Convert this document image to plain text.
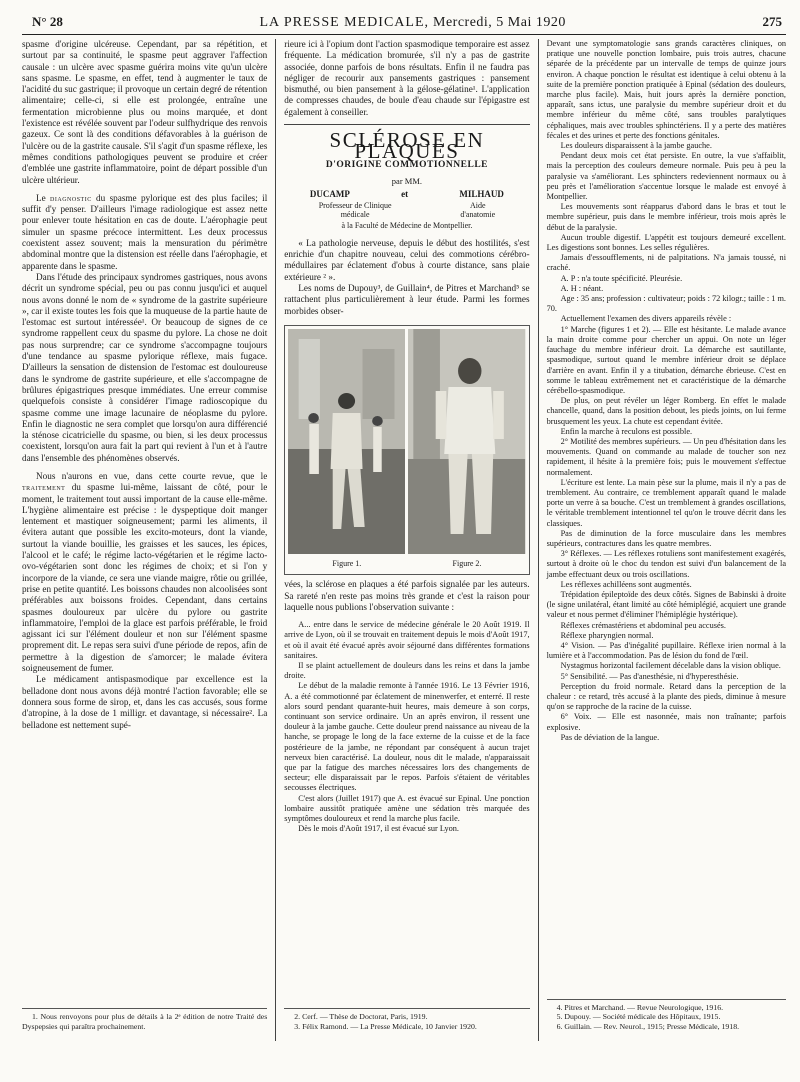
N° 28	LA PRESSE MEDICALE, Mercredi, 5 Mai 1920	275

spasme d'origine ulcéreuse. Cependant, par sa répétition, et surtout par sa continuité, le spasme peut aggraver l'affection causale : un ulcère avec spasme guérira moins vite qu'un ulcère sans spasme. Le spasme, en effet, tend à augmenter le taux de l'acidité du suc gastrique; il provoque un certain degré de rétention alimentaire; celle-ci, si elle est prolongée, entraîne une fermentation microbienne plus ou moins marquée, et dont l'existence est révélée souvent par l'odeur sulfhydrique des renvois gazeux. Ce sont là des conditions défavorables à la guérison de l'ulcère ou de la gastrite causale. S'il s'agit d'un spasme réflexe, les mêmes conditions pathologiques peuvent se produire et créer d'emblée une gastrite inflammatoire, point de départ possible d'un ulcère ultérieur.

Le diagnostic du spasme pylorique est des plus faciles; il suffit d'y penser. D'ailleurs l'image radiologique est assez nette pour enlever toute hésitation en cas de doute. L'aérophagie peut simuler un spasme précoce intermittent. Les deux processus coexistent assez souvent; mais la mensuration du périmètre abdominal montre que la distension est réelle dans l'aérophagie, et apparente dans le spasme.

Dans l'étude des principaux syndromes gastriques, nous avons décrit un syndrome spécial, peu ou pas connu jusqu'ici et auquel nous avons donné le nom de « syndrome de la gastrite supérieure », car il existe toutes les fois que la muqueuse de la partie haute de l'estomac est surtout intéressée¹. Or beaucoup de signes de ce syndrome rappellent ceux du spasme du pylore. La chose ne doit pas nous surprendre; car ce syndrome s'accompagne toujours d'une tendance au spasme pylorique réflexe, mais fugace. D'ailleurs la sensation de distension de l'estomac est douloureuse dans le syndrome de gastrite supérieure, et elle s'accompagne de brûlures épigastriques presque immédiates. Une erreur commise quelquefois consiste à considérer l'image radioscopique du spasme comme une image lacunaire de néoplasme du pylore. Enfin le diagnostic ne sera complet que lorsqu'on aura différencié la sténose cicatricielle du spasme, ou bien, si les deux processus coexistent, lorsqu'on aura fait la part qui revient à l'un et à l'autre dans l'ensemble des phénomènes observés.

Nous n'aurons en vue, dans cette courte revue, que le traitement du spasme lui-même, laissant de côté, pour le moment, le traitement tout aussi important de la cause elle-même. L'hygiène alimentaire est précise : le dyspeptique doit manger lentement et mastiquer soigneusement; parmi les aliments, il évitera autant que possible les excito-moteurs, dont la viande, surtout la viande bouillie, les graisses et les sauces, les épices, l'alcool et le café; le régime lacto-végétarien et le régime lacto-ovo-végétarien sont donc les régimes de choix; et si l'on y incorpore de la viande, ce sera une viande maigre, rôtie ou grillée, prise en petite quantité. Les boissons chaudes non alcoolisées sont préférables aux boissons froides. Cependant, dans certains spasmes douloureux par ulcère du pylore ou gastrite inflammatoire, l'emploi de la glace est parfois préférable, le froid agissant ici sur l'élément douleur et non sur l'élément spasme proprement dit. Le repas sera suivi d'une période de repos, afin de permettre à la digestion de s'amorcer; le malade évitera soigneusement de fumer.

Le médicament antispasmodique par excellence est la belladone dont nous avons déjà montré l'action favorable; elle se donnera sous forme de sirop, et, dans les cas accusés, sous forme d'atropine, à la dose de 1 milligr. et davantage, si nécessaire². La belladone est nettement supé-

1. Nous renvoyons pour plus de détails à la 2ᵉ édition de notre Traité des Dyspepsies qui paraîtra prochainement.

rieure ici à l'opium dont l'action spasmodique temporaire est assez fréquente. La médication bromurée, s'il n'y a pas de gastrite associée, donne parfois de bons résultats. Enfin il ne faudra pas négliger de recourir aux pansements gastriques : pansement bismuthé, ou bien pansement à la gélose-gélatine¹. L'application de compresses chaudes, de boule d'eau chaude sur l'épigastre est également à conseiller.

SCLÉROSE EN PLAQUES
D'ORIGINE COMMOTIONNELLE
par MM.
DUCAMP	et	MILHAUD
Professeur de Clinique
médicale
Aide
d'anatomie
à la Faculté de Médecine de Montpellier.

« La pathologie nerveuse, depuis le début des hostilités, s'est enrichie d'un chapitre nouveau, celui des commotions cérébro-médullaires par éclatement d'obus à courte distance, sans plaie extérieure ² ».

Les noms de Dupouy³, de Guillain⁴, de Pitres et Marchand⁵ se rattachent plus particulièrement à leur étude. Parmi les formes morbides obser-

Figure 1.	Figure 2.

vées, la sclérose en plaques a été parfois signalée par les auteurs. Sa rareté n'en reste pas moins très grande et c'est la raison pour laquelle nous publions l'observation suivante :

A... entre dans le service de médecine générale le 20 Août 1919. Il arrive de Lyon, où il se trouvait en traitement depuis le mois d'Août 1917, et où il avait été évacué après avoir séjourné dans différentes formations sanitaires.

Il se plaint actuellement de douleurs dans les reins et dans la jambe droite.

Le début de la maladie remonte à l'année 1916. Le 13 Février 1916, A. a été commotionné par éclatement de minenwerfer, et enterré. Il reste alors sourd pendant quarante-huit heures, mais demeure à son corps, continuant son service ordinaire. Un an après environ, il ressent une douleur à la jambe gauche. Cette douleur prend naissance au niveau de la hanche, se propage le long de la face externe de la cuisse et de la face postérieure de la jambe, ne répondant par conséquent à aucun trajet nerveux bien caractérisé. La douleur, nous dit le malade, n'apparaissait que par la fatigue des marches nécessaires lors des changements de secteur; elle disparaissait par le repos. Parfois s'étaient de véritables secousses électriques.

C'est alors (Juillet 1917) que A. est évacué sur Epinal. Une ponction lombaire aussitôt pratiquée amène une sédation très marquée des symptômes douloureux et rend la marche plus facile.

Dès le mois d'Août 1917, il est évacué sur Lyon.

2. Cerf. — Thèse de Doctorat, Paris, 1919.
3. Félix Ramond. — La Presse Médicale, 10 Janvier 1920.

Devant une symptomatologie sans grands caractères cliniques, on pratique une nouvelle ponction lombaire, puis trois autres, chacune séparée de la précédente par un intervalle de temps de quinze jours environ. A chaque ponction le résultat est identique à celui obtenu à la suite de la première ponction pratiquée à Epinal (sédation des douleurs, marche plus facile). Mais, huit jours après la dernière ponction, apparaît, sans ictus, une paralysie du membre supérieur droit et du membre inférieur du même côté, sans troubles paralytiques céphaliques, mais avec troubles sphinctériens. Il y a perte des matières fécales et des urines et perte des fonctions génitales.

Les douleurs disparaissent à la jambe gauche.

Pendant deux mois cet état persiste. En outre, la vue s'affaiblit, mais la perception des couleurs demeure normale. Puis peu à peu la paralysie va s'améliorant. Les sphincters redeviennent normaux ou à peu près et l'amélioration s'accentue lorsque le malade est envoyé à Montpellier.

Les mouvements sont réapparus d'abord dans le bras et tout le membre supérieur, puis dans le membre inférieur, trois mois après le début de la paralysie.

Aucun trouble digestif. L'appétit est toujours demeuré excellent. Les digestions sont bonnes. Les selles régulières.

Jamais d'essoufflements, ni de palpitations. N'a jamais toussé, ni craché.

A. P : n'a toute spécificité. Pleurésie.

A. H : néant.

Age : 35 ans; profession : cultivateur; poids : 72 kilogr.; taille : 1 m. 70.

Actuellement l'examen des divers appareils révèle :

1° Marche (figures 1 et 2). — Elle est hésitante. Le malade avance la main droite comme pour chercher un appui. On note un léger fauchage du membre inférieur droit. La démarche est sautillante, spasmodique, surtout quand le membre inférieur droit se déplace d'arrière en avant. Enfin il y a titubation, démarche ébrieuse. C'est en somme le tableau extrêmement net et caractéristique de la démarche cérébello-spasmodique.

De plus, on peut révéler un léger Romberg. En effet le malade chancelle, quand, dans la position debout, les pieds joints, on lui ferme brusquement les yeux. La chute est cependant évitée.

Enfin la marche à reculons est possible.

2° Motilité des membres supérieurs. — Un peu d'hésitation dans les mouvements. Quand on commande au malade de toucher son nez rapidement, il hésite à la première fois; puis le mouvement s'effectue normalement.

L'écriture est lente. La main pèse sur la plume, mais il n'y a pas de tremblement. Au contraire, ce tremblement apparaît quand le malade porte un verre à sa bouche. C'est un tremblement à grandes oscillations, le véritable tremblement intentionnel tel qu'on le trouve décrit dans les classiques.

Pas de diminution de la force musculaire dans les membres supérieurs, contractures dans les quatre membres.

3° Réflexes. — Les réflexes rotuliens sont manifestement exagérés, surtout à droite où le choc du tendon est suivi d'un balancement de la jambe effectuant deux ou trois oscillations.

Les réflexes achilléens sont augmentés.

Trépidation épileptoïde des deux côtés. Signes de Babinski à droite (le signe unilatéral, étant limité au côté hémiplégié, acquiert une grande valeur et nous permet d'éliminer l'hémiplégie hystérique).

Réflexes crémastériens et abdominal peu accusés.

Réflexe pharyngien normal.

4° Vision. — Pas d'inégalité pupillaire. Réflexe irien normal à la lumière et à l'accommodation. Pas de lésion du fond de l'œil.

Nystagmus horizontal facilement décelable dans la vision oblique.

5° Sensibilité. — Pas d'anesthésie, ni d'hyperesthésie.

Perception du froid normale. Retard dans la perception de la chaleur : ce retard, très accusé à la plante des pieds, diminue à mesure qu'on se rapproche de la racine de la cuisse.

6° Voix. — Elle est nasonnée, mais non traînante; parfois explosive.

Pas de déviation de la langue.

4. Pitres et Marchand. — Revue Neurologique, 1916.
5. Dupouy. — Société médicale des Hôpitaux, 1915.
6. Guillain. — Rev. Neurol., 1915; Presse Médicale, 1918.
